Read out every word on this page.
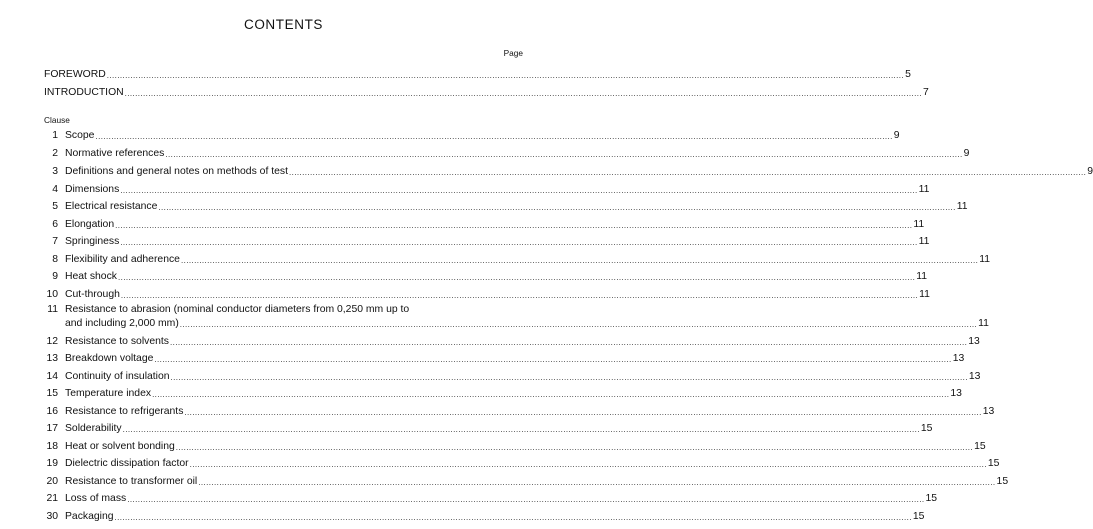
CONTENTS
Page
FOREWORD .....	5
INTRODUCTION .....	7
Clause
1 Scope .....	9
2 Normative references .....	9
3 Definitions and general notes on methods of test .....	9
4 Dimensions .....	11
5 Electrical resistance .....	11
6 Elongation .....	11
7 Springiness .....	11
8 Flexibility and adherence .....	11
9 Heat shock .....	11
10 Cut-through .....	11
11 Resistance to abrasion (nominal conductor diameters from 0,250 mm up to
and including 2,000 mm) .....	11
12 Resistance to solvents .....	13
13 Breakdown voltage .....	13
14 Continuity of insulation .....	13
15 Temperature index .....	13
16 Resistance to refrigerants .....	13
17 Solderability .....	15
18 Heat or solvent bonding .....	15
19 Dielectric dissipation factor .....	15
20 Resistance to transformer oil .....	15
21 Loss of mass .....	15
30 Packaging .....	15
